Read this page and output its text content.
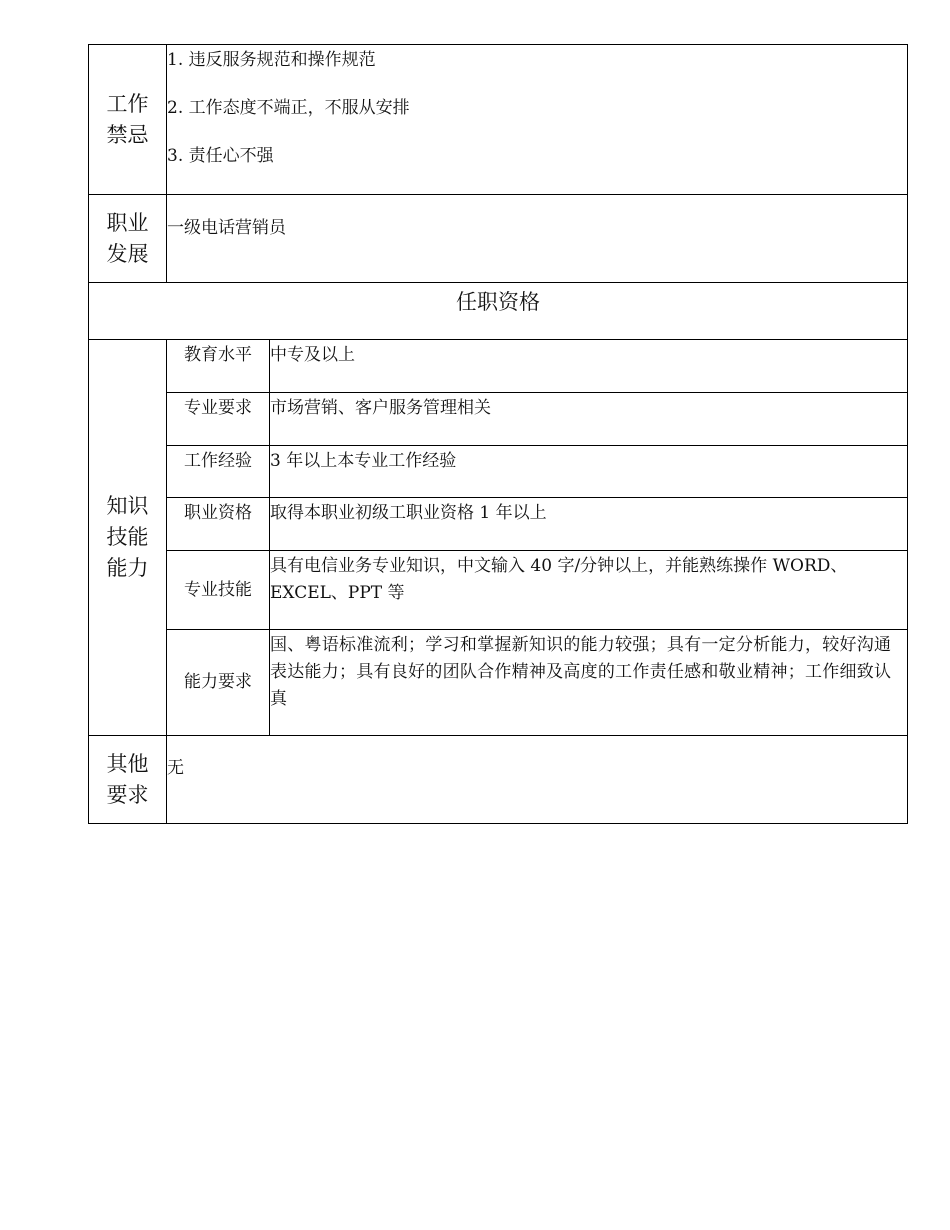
工作
禁忌	1. 违反服务规范和操作规范
2. 工作态度不端正，不服从安排
3. 责任心不强	

职业
发展	一级电话营销员	
任职资格		

知识
技能
能力	教育水平	中专及以上
	专业要求	市场营销、客户服务管理相关
	工作经验	3 年以上本专业工作经验
	职业资格	取得本职业初级工职业资格 1 年以上
	专业技能	具有电信业务专业知识，中文输入 40 字/分钟以上，并能熟练操作 WORD、EXCEL、PPT 等
	能力要求	国、粤语标准流利；学习和掌握新知识的能力较强；具有一定分析能力，较好沟通表达能力；具有良好的团队合作精神及高度的工作责任感和敬业精神；工作细致认真

其他
要求	无	
